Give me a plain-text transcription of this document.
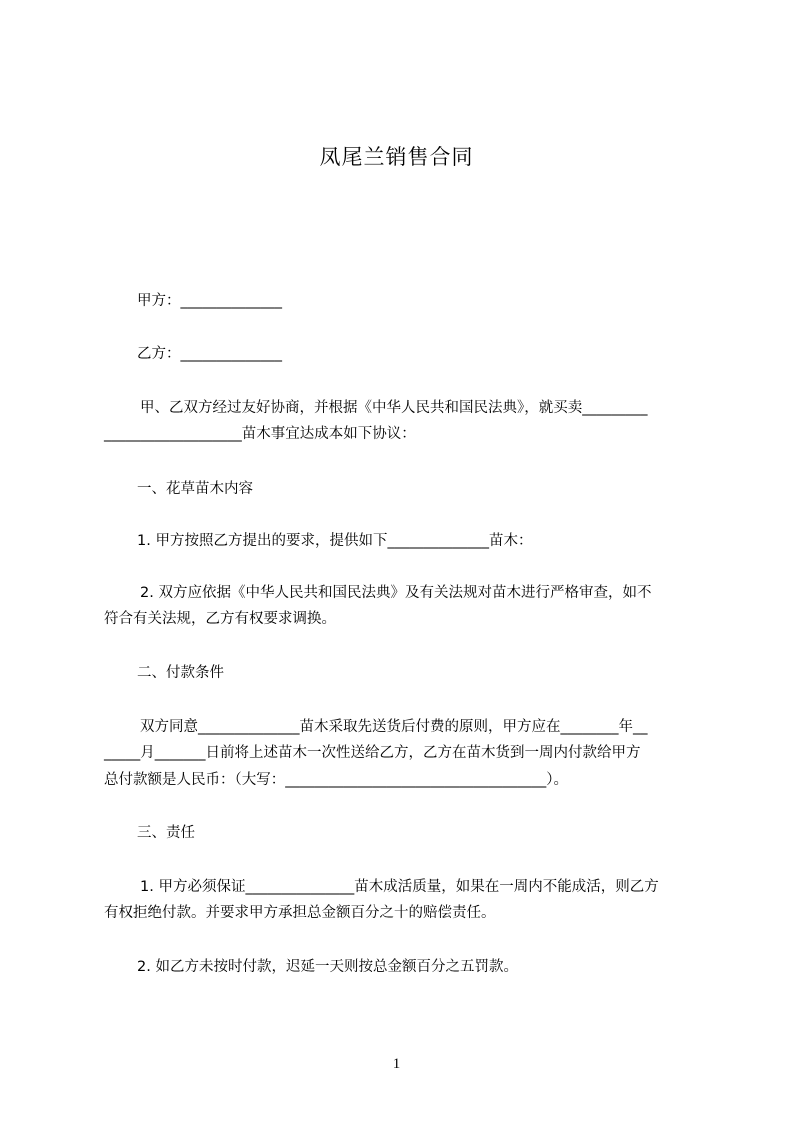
凤尾兰销售合同
甲方：______________
乙方：______________
甲、乙双方经过友好协商，并根据《中华人民共和国民法典》，就买卖_________
___________________苗木事宜达成本如下协议：
一、花草苗木内容
1. 甲方按照乙方提出的要求，提供如下______________苗木：
2. 双方应依据《中华人民共和国民法典》及有关法规对苗木进行严格审查，如不
符合有关法规，乙方有权要求调换。
二、付款条件
双方同意______________苗木采取先送货后付费的原则，甲方应在________年__
_____月_______日前将上述苗木一次性送给乙方，乙方在苗木货到一周内付款给甲方
总付款额是人民币：（大写：____________________________________）。
三、责任
1. 甲方必须保证_______________苗木成活质量，如果在一周内不能成活，则乙方
有权拒绝付款。并要求甲方承担总金额百分之十的赔偿责任。
2. 如乙方未按时付款，迟延一天则按总金额百分之五罚款。
1
